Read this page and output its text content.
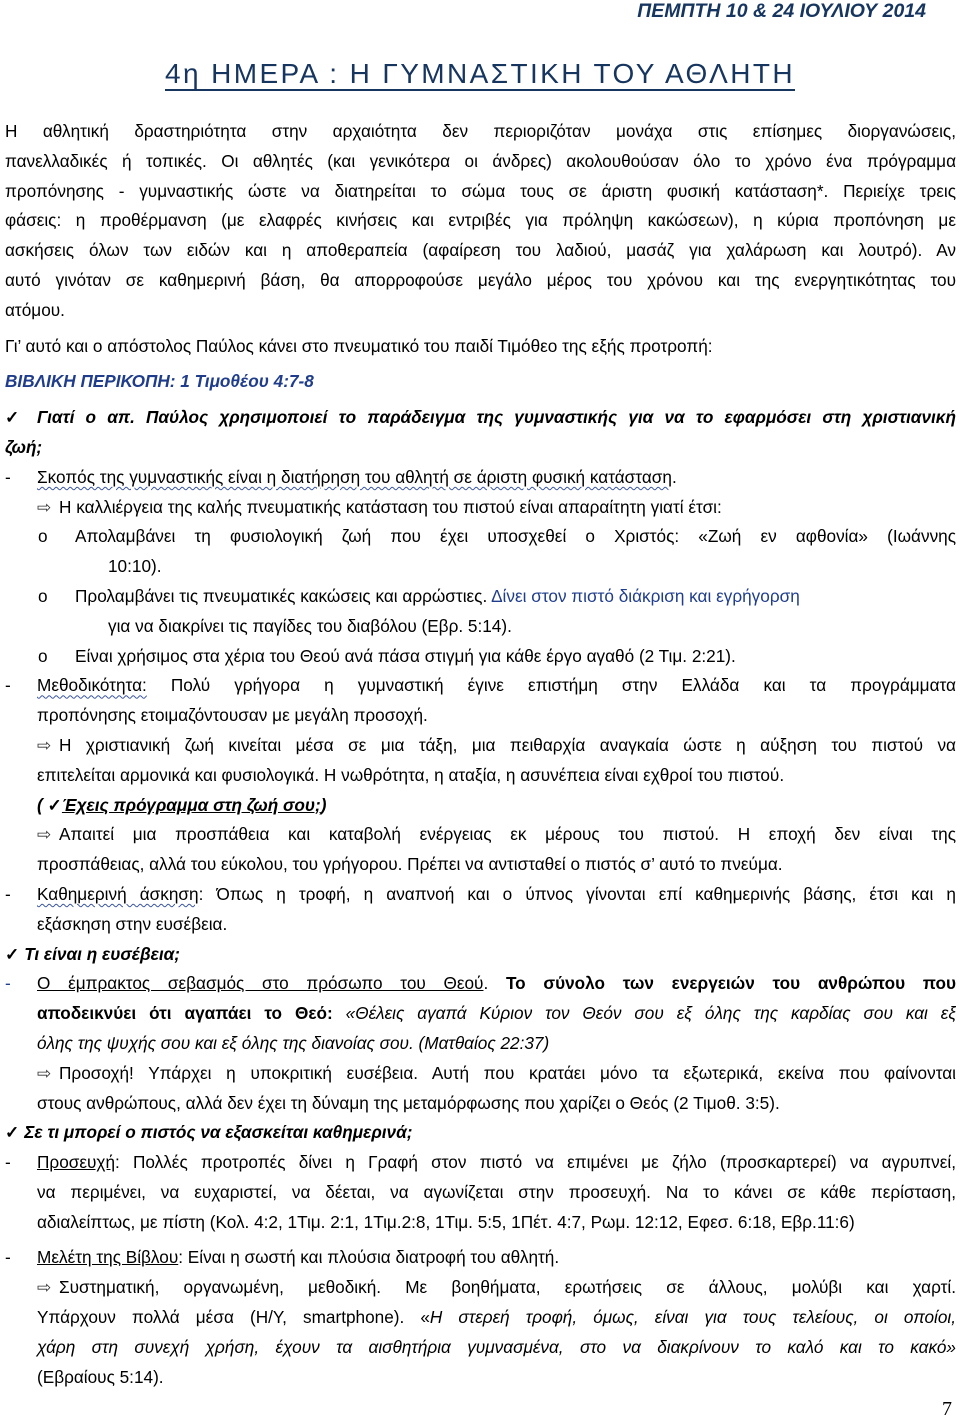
ΠΕΜΠΤΗ 10 & 24 ΙΟΥΛΙΟΥ 2014
4η ΗΜΕΡΑ : Η ΓΥΜΝΑΣΤΙΚΗ ΤΟΥ ΑΘΛΗΤΗ
Η αθλητική δραστηριότητα στην αρχαιότητα δεν περιοριζόταν μονάχα στις επίσημες διοργανώσεις,
πανελλαδικές ή τοπικές. Οι αθλητές (και γενικότερα οι άνδρες) ακολουθούσαν όλο το χρόνο ένα πρόγραμμα
προπόνησης - γυμναστικής ώστε να διατηρείται το σώμα τους σε άριστη φυσική κατάσταση*. Περιείχε τρεις
φάσεις: η προθέρμανση (με ελαφρές κινήσεις και εντριβές για πρόληψη κακώσεων), η κύρια προπόνηση με
ασκήσεις όλων των ειδών και η αποθεραπεία (αφαίρεση του λαδιού, μασάζ για χαλάρωση και λουτρό). Αν
αυτό γινόταν σε καθημερινή βάση, θα απορροφούσε μεγάλο μέρος του χρόνου και της ενεργητικότητας του
ατόμου.
Γι’ αυτό και ο απόστολος Παύλος κάνει στο πνευματικό του παιδί Τιμόθεο της εξής προτροπή:
ΒΙΒΛΙΚΗ ΠΕΡΙΚΟΠΗ: 1 Τιμοθέου 4:7-8
✓ Γιατί ο απ. Παύλος χρησιμοποιεί το παράδειγμα της γυμναστικής για να το εφαρμόσει στη χριστιανική
ζωή;
- Σκοπός της γυμναστικής είναι η διατήρηση του αθλητή σε άριστη φυσική κατάσταση.
⇨ Η καλλιέργεια της καλής πνευματικής κατάσταση του πιστού είναι απαραίτητη γιατί έτσι:
o Απολαμβάνει τη φυσιολογική ζωή που έχει υποσχεθεί ο Χριστός: «Ζωή εν αφθονία» (Ιωάννης
10:10).
o Προλαμβάνει τις πνευματικές κακώσεις και αρρώστιες. Δίνει στον πιστό διάκριση και εγρήγορση
για να διακρίνει τις παγίδες του διαβόλου (Εβρ. 5:14).
o Είναι χρήσιμος στα χέρια του Θεού ανά πάσα στιγμή για κάθε έργο αγαθό (2 Τιμ. 2:21).
- Μεθοδικότητα: Πολύ γρήγορα η γυμναστική έγινε επιστήμη στην Ελλάδα και τα προγράμματα
προπόνησης ετοιμαζόντουσαν με μεγάλη προσοχή.
⇨ Η χριστιανική ζωή κινείται μέσα σε μια τάξη, μια πειθαρχία αναγκαία ώστε η αύξηση του πιστού να
επιτελείται αρμονικά και φυσιολογικά. Η νωθρότητα, η αταξία, η ασυνέπεια είναι εχθροί του πιστού.
( ✓Έχεις πρόγραμμα στη ζωή σου;)
⇨ Απαιτεί μια προσπάθεια και καταβολή ενέργειας εκ μέρους του πιστού. Η εποχή δεν είναι της
προσπάθειας, αλλά του εύκολου, του γρήγορου. Πρέπει να αντισταθεί ο πιστός σ’ αυτό το πνεύμα.
- Καθημερινή άσκηση: Όπως η τροφή, η αναπνοή και ο ύπνος γίνονται επί καθημερινής βάσης, έτσι και η
εξάσκηση στην ευσέβεια.
✓ Τι είναι η ευσέβεια;
- Ο έμπρακτος σεβασμός στο πρόσωπο του Θεού. Το σύνολο των ενεργειών του ανθρώπου που
αποδεικνύει ότι αγαπάει το Θεό: «Θέλεις αγαπά Κύριον τον Θεόν σου εξ όλης της καρδίας σου και εξ
όλης της ψυχής σου και εξ όλης της διανοίας σου. (Ματθαίος 22:37)
⇨ Προσοχή! Υπάρχει η υποκριτική ευσέβεια. Αυτή που κρατάει μόνο τα εξωτερικά, εκείνα που φαίνονται
στους ανθρώπους, αλλά δεν έχει τη δύναμη της μεταμόρφωσης που χαρίζει ο Θεός (2 Τιμοθ. 3:5).
✓ Σε τι μπορεί ο πιστός να εξασκείται καθημερινά;
- Προσευχή: Πολλές προτροπές δίνει η Γραφή στον πιστό να επιμένει με ζήλο (προσκαρτερεί) να αγρυπνεί,
να περιμένει, να ευχαριστεί, να δέεται, να αγωνίζεται στην προσευχή. Να το κάνει σε κάθε περίσταση,
αδιαλείπτως, με πίστη (Κολ. 4:2, 1Τιμ. 2:1, 1Τιμ.2:8, 1Τιμ. 5:5, 1Πέτ. 4:7, Ρωμ. 12:12, Εφεσ. 6:18, Εβρ.11:6)
- Μελέτη της Βίβλου: Είναι η σωστή και πλούσια διατροφή του αθλητή.
⇨ Συστηματική, οργανωμένη, μεθοδική. Με βοηθήματα, ερωτήσεις σε άλλους, μολύβι και χαρτί.
Υπάρχουν πολλά μέσα (Η/Υ, smartphone). «Η στερεή τροφή, όμως, είναι για τους τελείους, οι οποίοι,
χάρη στη συνεχή χρήση, έχουν τα αισθητήρια γυμνασμένα, στο να διακρίνουν το καλό και το κακό»
(Εβραίους 5:14).
7
